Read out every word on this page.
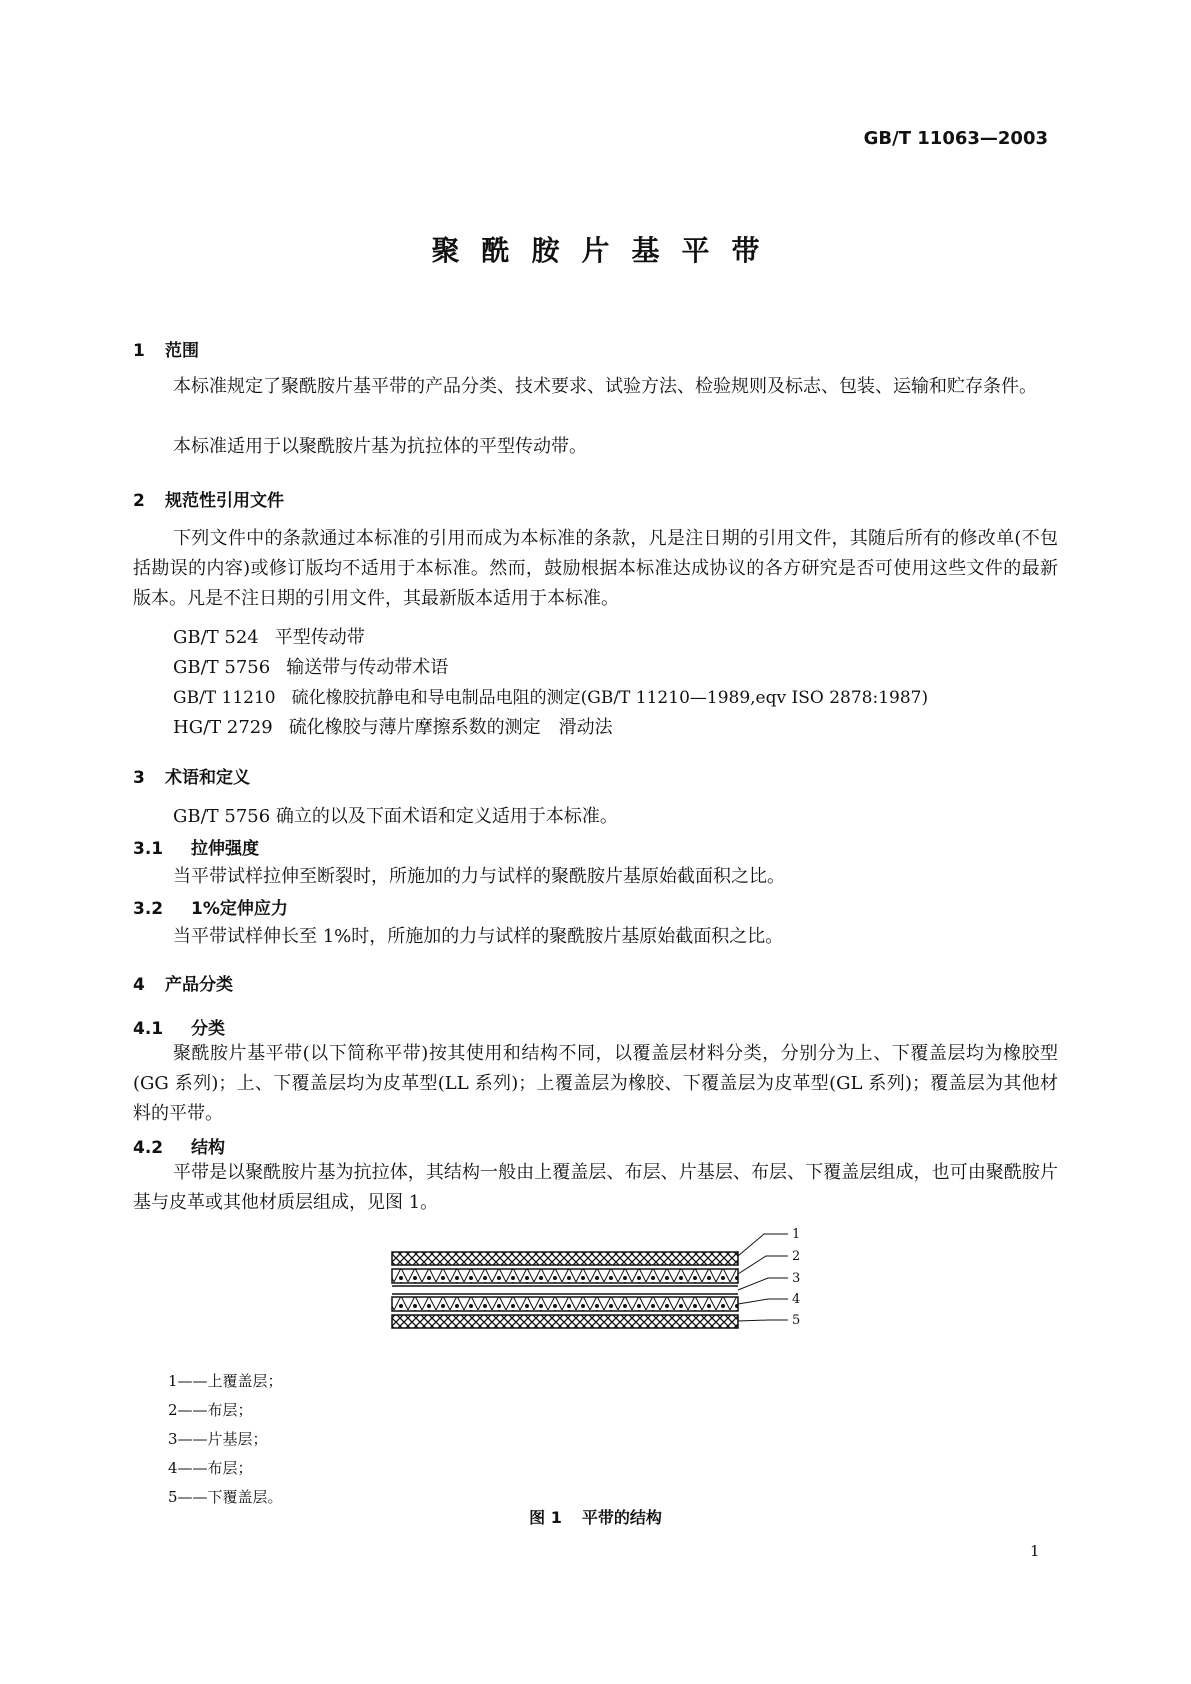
GB/T 11063—2003
聚酰胺片基平带
1 范围
本标准规定了聚酰胺片基平带的产品分类、技术要求、试验方法、检验规则及标志、包装、运输和贮存条件。
本标准适用于以聚酰胺片基为抗拉体的平型传动带。
2 规范性引用文件
下列文件中的条款通过本标准的引用而成为本标准的条款，凡是注日期的引用文件，其随后所有的修改单(不包括勘误的内容)或修订版均不适用于本标准。然而，鼓励根据本标准达成协议的各方研究是否可使用这些文件的最新版本。凡是不注日期的引用文件，其最新版本适用于本标准。
GB/T 524 平型传动带
GB/T 5756 输送带与传动带术语
GB/T 11210 硫化橡胶抗静电和导电制品电阻的测定(GB/T 11210—1989,eqv ISO 2878:1987)
HG/T 2729 硫化橡胶与薄片摩擦系数的测定　滑动法
3 术语和定义
GB/T 5756 确立的以及下面术语和定义适用于本标准。
3.1 拉伸强度
当平带试样拉伸至断裂时，所施加的力与试样的聚酰胺片基原始截面积之比。
3.2 1%定伸应力
当平带试样伸长至 1%时，所施加的力与试样的聚酰胺片基原始截面积之比。
4 产品分类
4.1 分类
聚酰胺片基平带(以下简称平带)按其使用和结构不同，以覆盖层材料分类，分别分为上、下覆盖层均为橡胶型(GG 系列)；上、下覆盖层均为皮革型(LL 系列)；上覆盖层为橡胶、下覆盖层为皮革型(GL 系列)；覆盖层为其他材料的平带。
4.2 结构
平带是以聚酰胺片基为抗拉体，其结构一般由上覆盖层、布层、片基层、布层、下覆盖层组成，也可由聚酰胺片基与皮革或其他材质层组成，见图 1。
1
2
3
4
5
1——上覆盖层；
2——布层；
3——片基层；
4——布层；
5——下覆盖层。
图 1 平带的结构
1
